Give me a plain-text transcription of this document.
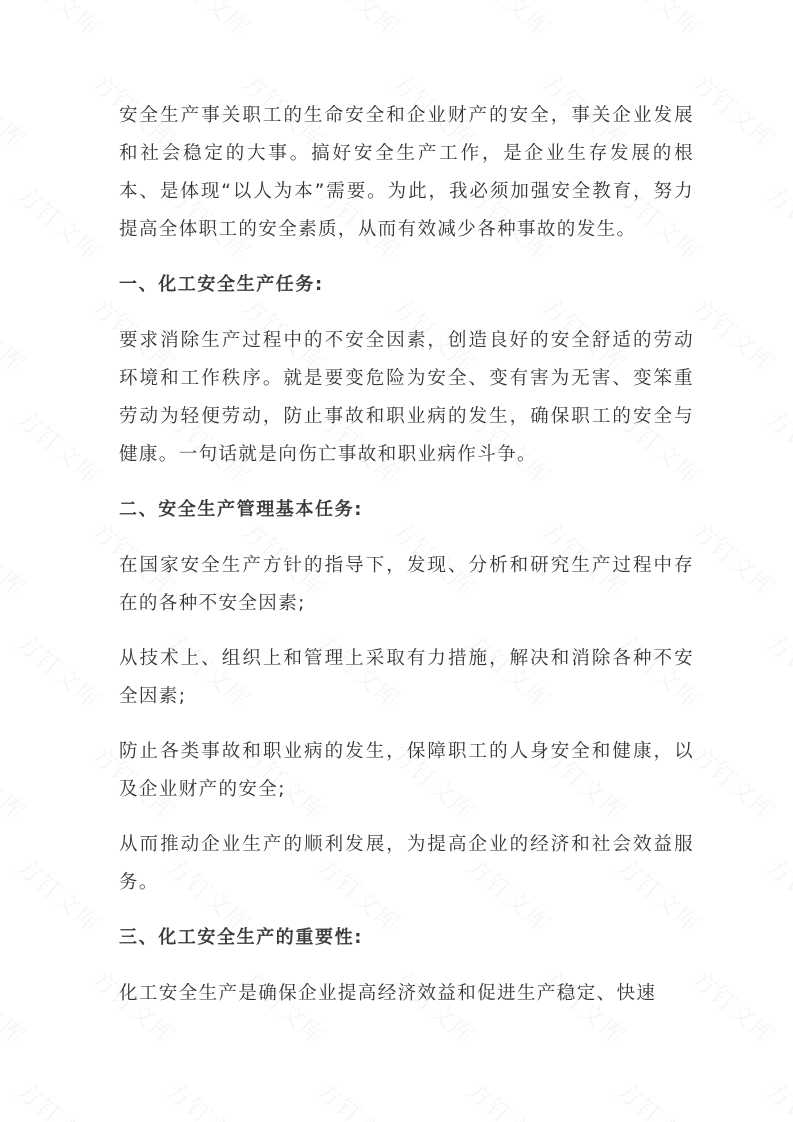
安全生产事关职工的生命安全和企业财产的安全，事关企业发展和社会稳定的大事。搞好安全生产工作，是企业生存发展的根本、是体现“以人为本”需要。为此，我必须加强安全教育，努力提高全体职工的安全素质，从而有效减少各种事故的发生。

一、化工安全生产任务:

要求消除生产过程中的不安全因素，创造良好的安全舒适的劳动环境和工作秩序。就是要变危险为安全、变有害为无害、变笨重劳动为轻便劳动，防止事故和职业病的发生，确保职工的安全与健康。一句话就是向伤亡事故和职业病作斗争。

二、安全生产管理基本任务:

在国家安全生产方针的指导下，发现、分析和研究生产过程中存在的各种不安全因素;

从技术上、组织上和管理上采取有力措施，解决和消除各种不安全因素;

防止各类事故和职业病的发生，保障职工的人身安全和健康，以及企业财产的安全;

从而推动企业生产的顺利发展，为提高企业的经济和社会效益服务。

三、化工安全生产的重要性:

化工安全生产是确保企业提高经济效益和促进生产稳定、快速
